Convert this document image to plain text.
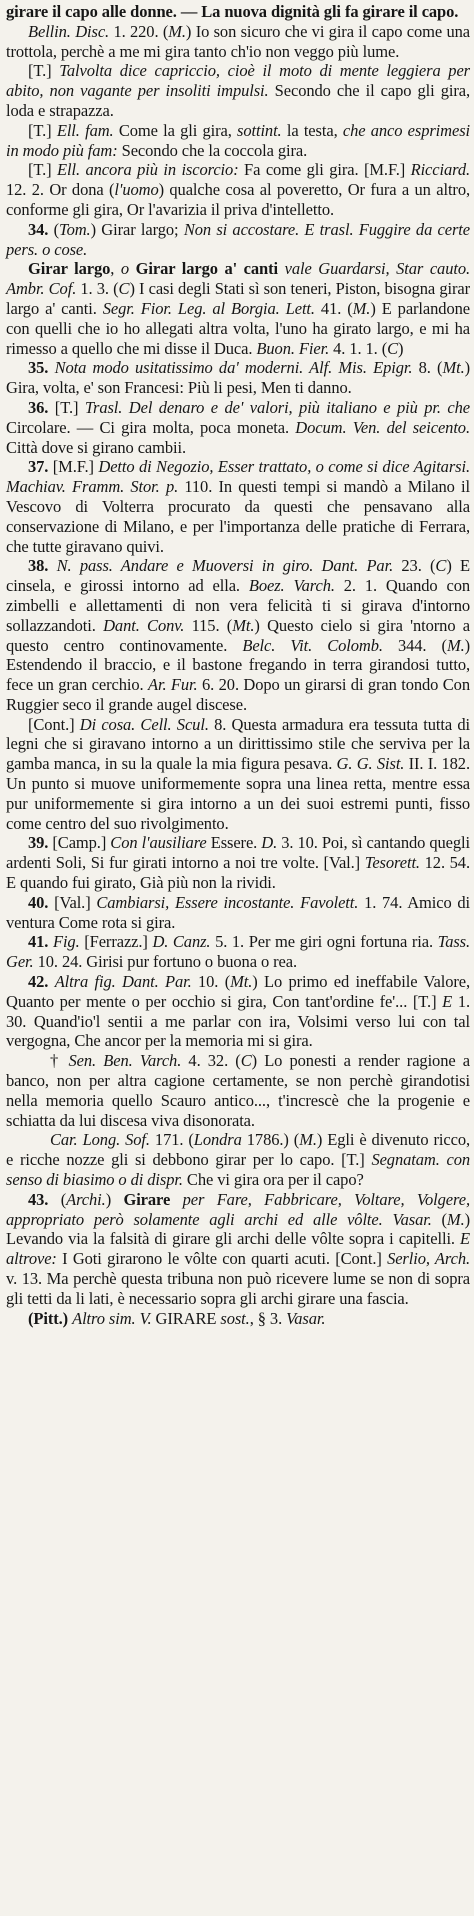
girare il capo alle donne. — La nuova dignità gli fa girare il capo.

Bellin. Disc. 1. 220. (M.) Io son sicuro che vi gira il capo come una trottola, perchè a me mi gira tanto ch'io non veggo più lume.

[T.] Talvolta dice capriccio, cioè il moto di mente leggiera per abito, non vagante per insoliti impulsi. Secondo che il capo gli gira, loda e strapazza.

[T.] Ell. fam. Come la gli gira, sottint. la testa, che anco esprimesi in modo più fam: Secondo che la coccola gira.

[T.] Ell. ancora più in iscorcio: Fa come gli gira. [M.F.] Ricciard. 12. 2. Or dona (l'uomo) qualche cosa al poveretto, Or fura a un altro, conforme gli gira, Or l'avarizia il priva d'intelletto.

34. (Tom.) Girar largo; Non si accostare. E trasl. Fuggire da certe pers. o cose.

Girar largo, o Girar largo a' canti vale Guardarsi, Star cauto. Ambr. Cof. 1. 3. (C) I casi degli Stati sì son teneri, Piston, bisogna girar largo a' canti. Segr. Fior. Leg. al Borgia. Lett. 41. (M.) E parlandone con quelli che io ho allegati altra volta, l'uno ha girato largo, e mi ha rimesso a quello che mi disse il Duca. Buon. Fier. 4. 1. 1. (C)

35. Nota modo usitatissimo da' moderni. Alf. Mis. Epigr. 8. (Mt.) Gira, volta, e' son Francesi: Più li pesi, Men ti danno.

36. [T.] Trasl. Del denaro e de' valori, più italiano e più pr. che Circolare. — Ci gira molta, poca moneta. Docum. Ven. del seicento. Città dove si girano cambii.

37. [M.F.] Detto di Negozio, Esser trattato, o come si dice Agitarsi. Machiav. Framm. Stor. p. 110. In questi tempi si mandò a Milano il Vescovo di Volterra procurato da questi che pensavano alla conservazione di Milano, e per l'importanza delle pratiche di Ferrara, che tutte giravano quivi.

38. N. pass. Andare e Muoversi in giro. Dant. Par. 23. (C) E cinsela, e girossi intorno ad ella. Boez. Varch. 2. 1. Quando con zimbelli e allettamenti di non vera felicità ti si girava d'intorno sollazzandoti. Dant. Conv. 115. (Mt.) Questo cielo si gira 'ntorno a questo centro continovamente. Belc. Vit. Colomb. 344. (M.) Estendendo il braccio, e il bastone fregando in terra girandosi tutto, fece un gran cerchio. Ar. Fur. 6. 20. Dopo un girarsi di gran tondo Con Ruggier seco il grande augel discese.

[Cont.] Di cosa. Cell. Scul. 8. Questa armadura era tessuta tutta di legni che si giravano intorno a un dirittissimo stile che serviva per la gamba manca, in su la quale la mia figura pesava. G. G. Sist. II. I. 182. Un punto si muove uniformemente sopra una linea retta, mentre essa pur uniformemente si gira intorno a un dei suoi estremi punti, fisso come centro del suo rivolgimento.

39. [Camp.] Con l'ausiliare Essere. D. 3. 10. Poi, sì cantando quegli ardenti Soli, Si fur girati intorno a noi tre volte. [Val.] Tesorett. 12. 54. E quando fui girato, Già più non la rividi.

40. [Val.] Cambiarsi, Essere incostante. Favolett. 1. 74. Amico di ventura Come rota si gira.

41. Fig. [Ferrazz.] D. Canz. 5. 1. Per me giri ogni fortuna ria. Tass. Ger. 10. 24. Girisi pur fortuno o buona o rea.

42. Altra fig. Dant. Par. 10. (Mt.) Lo primo ed ineffabile Valore, Quanto per mente o per occhio si gira, Con tant'ordine fe'... [T.] E 1. 30. Quand'io'l sentii a me parlar con ira, Volsimi verso lui con tal vergogna, Che ancor per la memoria mi si gira.

† Sen. Ben. Varch. 4. 32. (C) Lo ponesti a render ragione a banco, non per altra cagione certamente, se non perchè girandotisi nella memoria quello Scauro antico..., t'increscè che la progenie e schiatta da lui discesa viva disonorata.

Car. Long. Sof. 171. (Londra 1786.) (M.) Egli è divenuto ricco, e ricche nozze gli si debbono girar per lo capo. [T.] Segnatam. con senso di biasimo o di dispr. Che vi gira ora per il capo?

43. (Archi.) Girare per Fare, Fabbricare, Voltare, Volgere, appropriato però solamente agli archi ed alle vôlte. Vasar. (M.) Levando via la falsità di girare gli archi delle vôlte sopra i capitelli. E altrove: I Goti girarono le vôlte con quarti acuti. [Cont.] Serlio, Arch. v. 13. Ma perchè questa tribuna non può ricevere lume se non di sopra gli tetti da li lati, è necessario sopra gli archi girare una fascia.

(Pitt.) Altro sim. V. GIRARE sost., § 3. Vasar.
